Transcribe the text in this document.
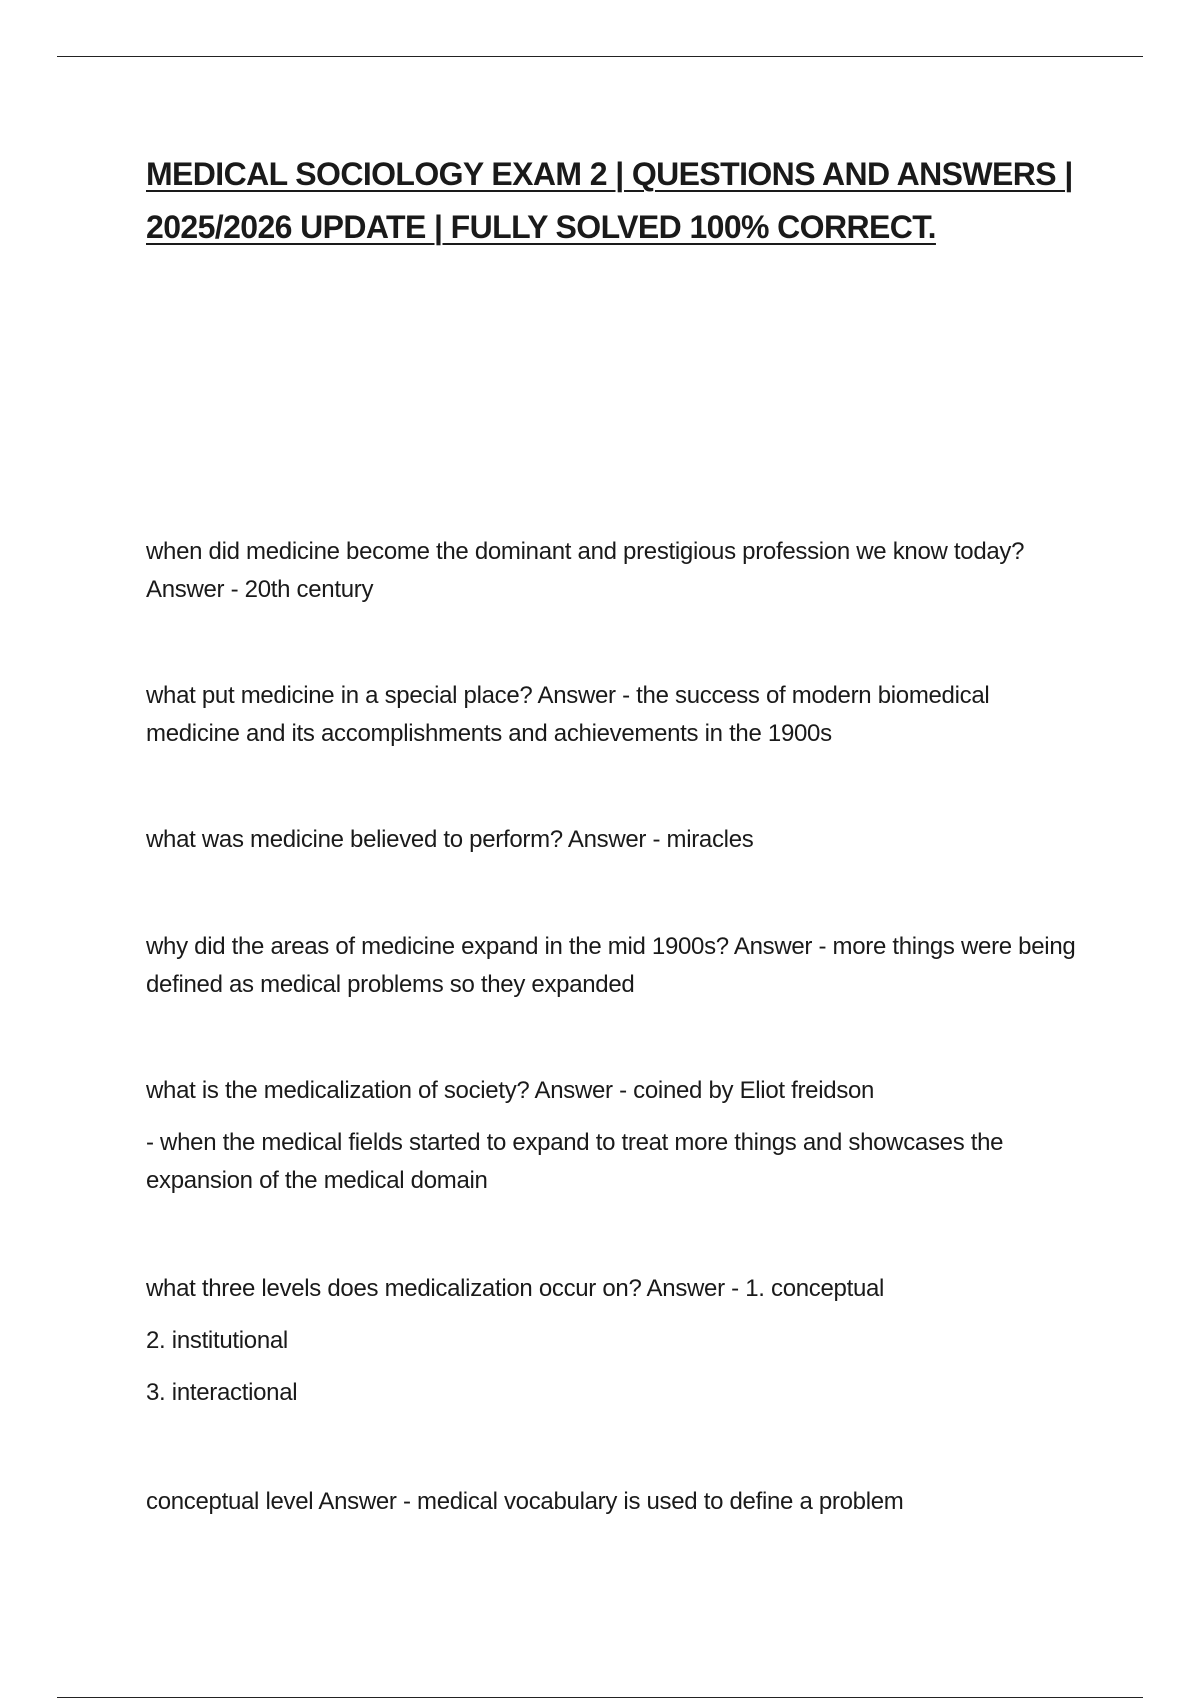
MEDICAL SOCIOLOGY EXAM 2 | QUESTIONS AND ANSWERS | 2025/2026 UPDATE | FULLY SOLVED 100% CORRECT.

when did medicine become the dominant and prestigious profession we know today? Answer - 20th century

what put medicine in a special place? Answer - the success of modern biomedical medicine and its accomplishments and achievements in the 1900s

what was medicine believed to perform? Answer - miracles

why did the areas of medicine expand in the mid 1900s? Answer - more things were being defined as medical problems so they expanded

what is the medicalization of society? Answer - coined by Eliot freidson

- when the medical fields started to expand to treat more things and showcases the expansion of the medical domain

what three levels does medicalization occur on? Answer - 1. conceptual

2. institutional

3. interactional

conceptual level Answer - medical vocabulary is used to define a problem
